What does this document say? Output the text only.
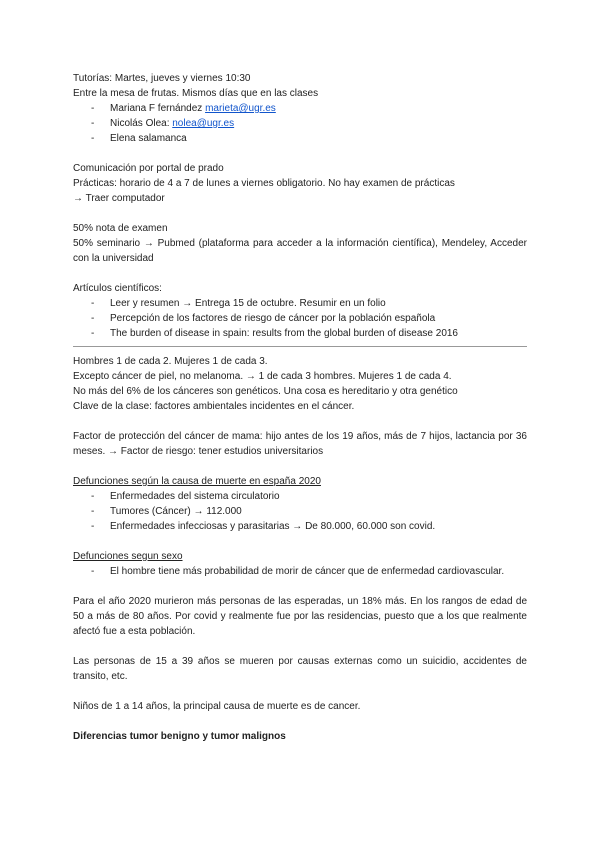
Tutorías: Martes, jueves y viernes 10:30
Entre la mesa de frutas. Mismos días que en las clases
- Mariana F fernández marieta@ugr.es
- Nicolás Olea: nolea@ugr.es
- Elena salamanca
Comunicación por portal de prado
Prácticas: horario de 4 a 7 de lunes a viernes obligatorio. No hay examen de prácticas
→ Traer computador
50% nota de examen
50% seminario → Pubmed (plataforma para acceder a la información científica), Mendeley, Acceder con la universidad
Artículos científicos:
- Leer y resumen → Entrega 15 de octubre. Resumir en un folio
- Percepción de los factores de riesgo de cáncer por la población española
- The burden of disease in spain: results from the global burden of disease 2016
Hombres 1 de cada 2. Mujeres 1 de cada 3.
Excepto cáncer de piel, no melanoma. → 1 de cada 3 hombres. Mujeres 1 de cada 4.
No más del 6% de los cánceres son genéticos. Una cosa es hereditario y otra genético
Clave de la clase: factores ambientales incidentes en el cáncer.
Factor de protección del cáncer de mama: hijo antes de los 19 años, más de 7 hijos, lactancia por 36 meses. → Factor de riesgo: tener estudios universitarios
Defunciones según la causa de muerte en españa 2020
- Enfermedades del sistema circulatorio
- Tumores (Cáncer) → 112.000
- Enfermedades infecciosas y parasitarias → De 80.000, 60.000 son covid.
Defunciones segun sexo
- El hombre tiene más probabilidad de morir de cáncer que de enfermedad cardiovascular.
Para el año 2020 murieron más personas de las esperadas, un 18% más. En los rangos de edad de 50 a más de 80 años. Por covid y realmente fue por las residencias, puesto que a los que realmente afectó fue a esta población.
Las personas de 15 a 39 años se mueren por causas externas como un suicidio, accidentes de transito, etc.
Niños de 1 a 14 años, la principal causa de muerte es de cancer.
Diferencias tumor benigno y tumor malignos
